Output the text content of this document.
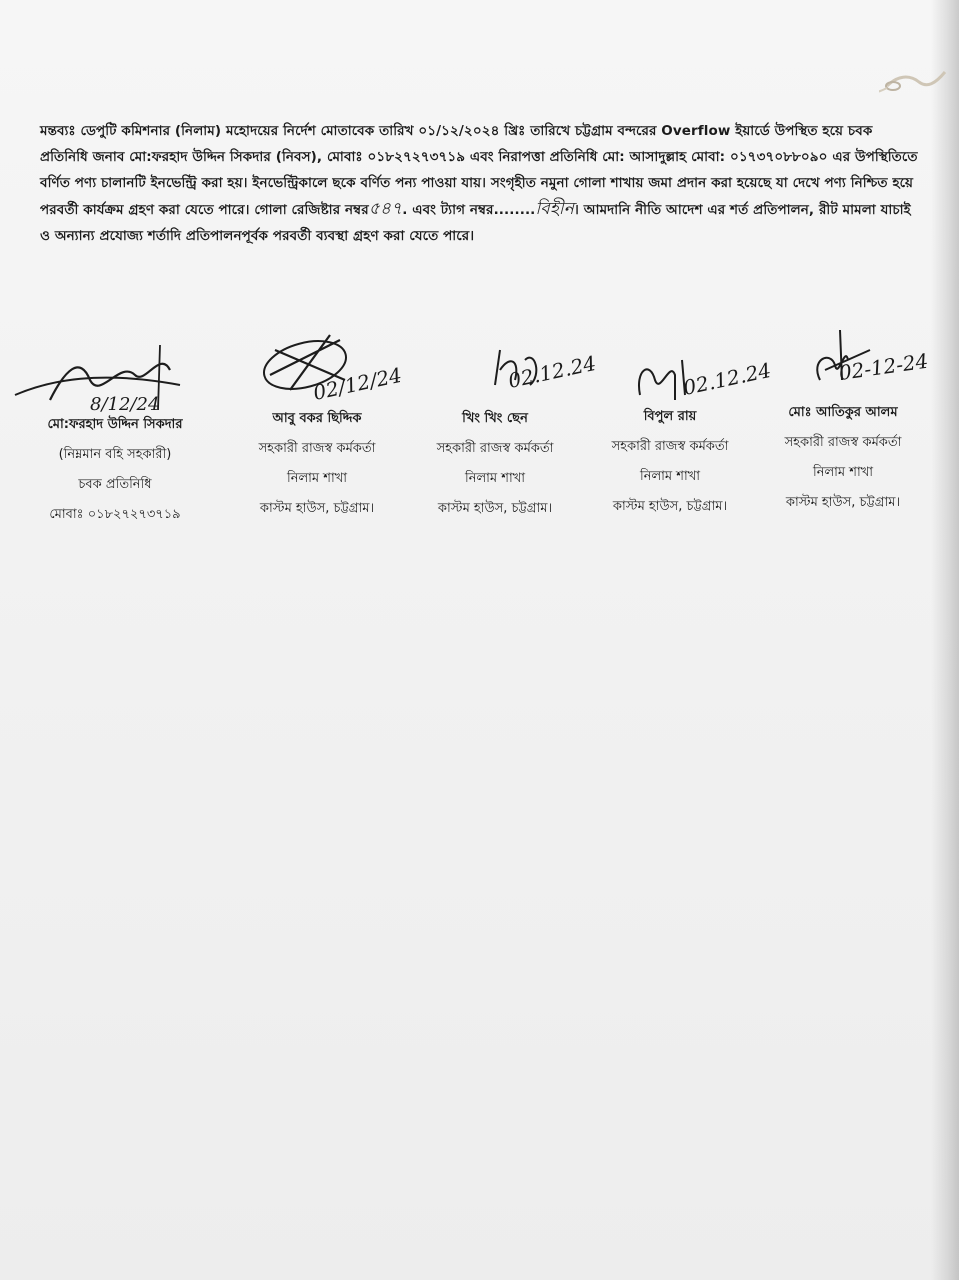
মন্তব্যঃ ডেপুটি কমিশনার (নিলাম) মহোদয়ের নির্দেশ মোতাবেক তারিখ ০১/১২/২০২৪ খ্রিঃ তারিখে চট্টগ্রাম বন্দরের Overflow ইয়ার্ডে উপস্থিত হয়ে চবক প্রতিনিধি জনাব মো:ফরহাদ উদ্দিন সিকদার (নিবস), মোবাঃ ০১৮২৭২৭৩৭১৯ এবং নিরাপত্তা প্রতিনিধি মো: আসাদুল্লাহ মোবা: ০১৭৩৭০৮৮০৯০ এর উপস্থিতিতে বর্ণিত পণ্য চালানটি ইনভেন্ট্রি করা হয়। ইনভেন্ট্রিকালে ছকে বর্ণিত পন্য পাওয়া যায়। সংগৃহীত নমুনা গোলা শাখায় জমা প্রদান করা হয়েছে যা দেখে পণ্য নিশ্চিত হয়ে পরবর্তী কার্যক্রম গ্রহণ করা যেতে পারে। গোলা রেজিষ্টার নম্বর৫৪৭. এবং ট্যাগ নম্বর........বিহীন। আমদানি নীতি আদেশ এর শর্ত প্রতিপালন, রীট মামলা যাচাই ও অন্যান্য প্রযোজ্য শর্তাদি প্রতিপালনপূর্বক পরবর্তী ব্যবস্থা গ্রহণ করা যেতে পারে।
8/12/24	02/12/24	02.12.24	02.12.24	02-12-24
মো:ফরহাদ উদ্দিন সিকদার
(নিম্নমান বহি সহকারী)
চবক প্রতিনিধি
মোবাঃ ০১৮২৭২৭৩৭১৯
আবু বকর ছিদ্দিক
সহকারী রাজস্ব কর্মকর্তা
নিলাম শাখা
কাস্টম হাউস, চট্টগ্রাম।
খিং খিং ছেন
সহকারী রাজস্ব কর্মকর্তা
নিলাম শাখা
কাস্টম হাউস, চট্টগ্রাম।
বিপুল রায়
সহকারী রাজস্ব কর্মকর্তা
নিলাম শাখা
কাস্টম হাউস, চট্টগ্রাম।
মোঃ আতিকুর আলম
সহকারী রাজস্ব কর্মকর্তা
নিলাম শাখা
কাস্টম হাউস, চট্টগ্রাম।
